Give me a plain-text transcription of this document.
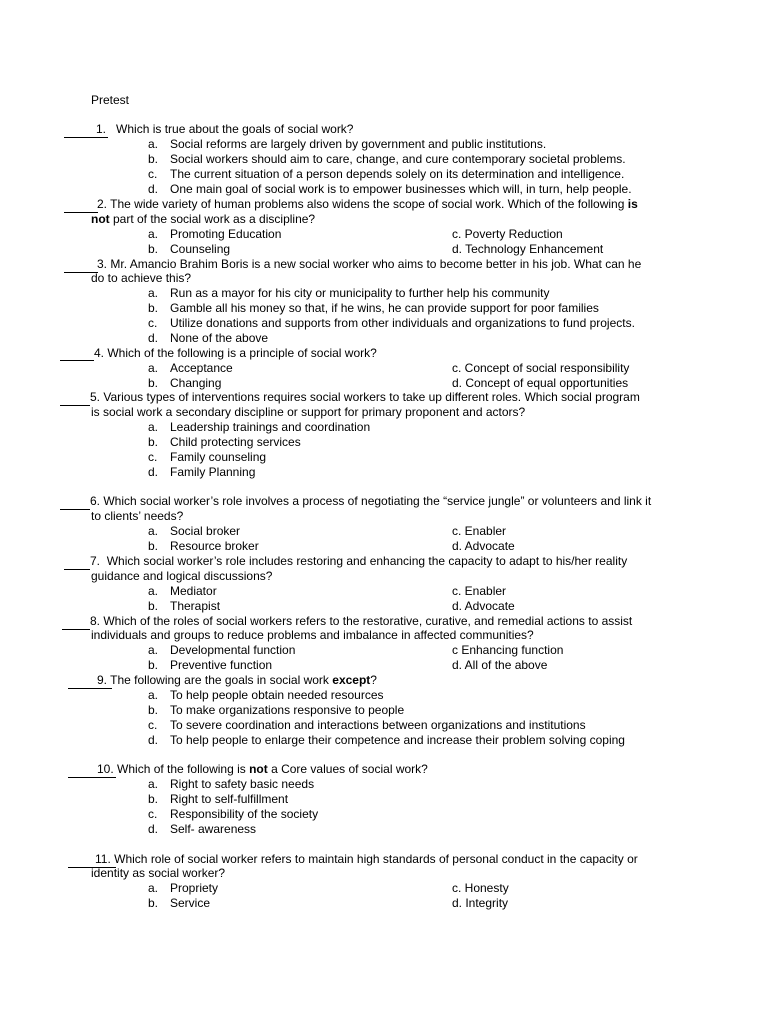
Pretest
1. Which is true about the goals of social work?
a. Social reforms are largely driven by government and public institutions.
b. Social workers should aim to care, change, and cure contemporary societal problems.
c. The current situation of a person depends solely on its determination and intelligence.
d. One main goal of social work is to empower businesses which will, in turn, help people.
2. The wide variety of human problems also widens the scope of social work. Which of the following is
not part of the social work as a discipline?
a. Promoting Education	c. Poverty Reduction
b. Counseling	d. Technology Enhancement
3. Mr. Amancio Brahim Boris is a new social worker who aims to become better in his job. What can he
do to achieve this?
a. Run as a mayor for his city or municipality to further help his community
b. Gamble all his money so that, if he wins, he can provide support for poor families
c. Utilize donations and supports from other individuals and organizations to fund projects.
d. None of the above
4. Which of the following is a principle of social work?
a. Acceptance	c. Concept of social responsibility
b. Changing	d. Concept of equal opportunities
5. Various types of interventions requires social workers to take up different roles. Which social program
is social work a secondary discipline or support for primary proponent and actors?
a. Leadership trainings and coordination
b. Child protecting services
c. Family counseling
d. Family Planning
6. Which social worker’s role involves a process of negotiating the “service jungle” or volunteers and link it
to clients’ needs?
a. Social broker	c. Enabler
b. Resource broker	d. Advocate
7. Which social worker’s role includes restoring and enhancing the capacity to adapt to his/her reality
guidance and logical discussions?
a. Mediator	c. Enabler
b. Therapist	d. Advocate
8. Which of the roles of social workers refers to the restorative, curative, and remedial actions to assist
individuals and groups to reduce problems and imbalance in affected communities?
a. Developmental function	c Enhancing function
b. Preventive function	d. All of the above
9. The following are the goals in social work except?
a. To help people obtain needed resources
b. To make organizations responsive to people
c. To severe coordination and interactions between organizations and institutions
d. To help people to enlarge their competence and increase their problem solving coping
10. Which of the following is not a Core values of social work?
a. Right to safety basic needs
b. Right to self-fulfillment
c. Responsibility of the society
d. Self- awareness
11. Which role of social worker refers to maintain high standards of personal conduct in the capacity or
identity as social worker?
a. Propriety	c. Honesty
b. Service	d. Integrity
